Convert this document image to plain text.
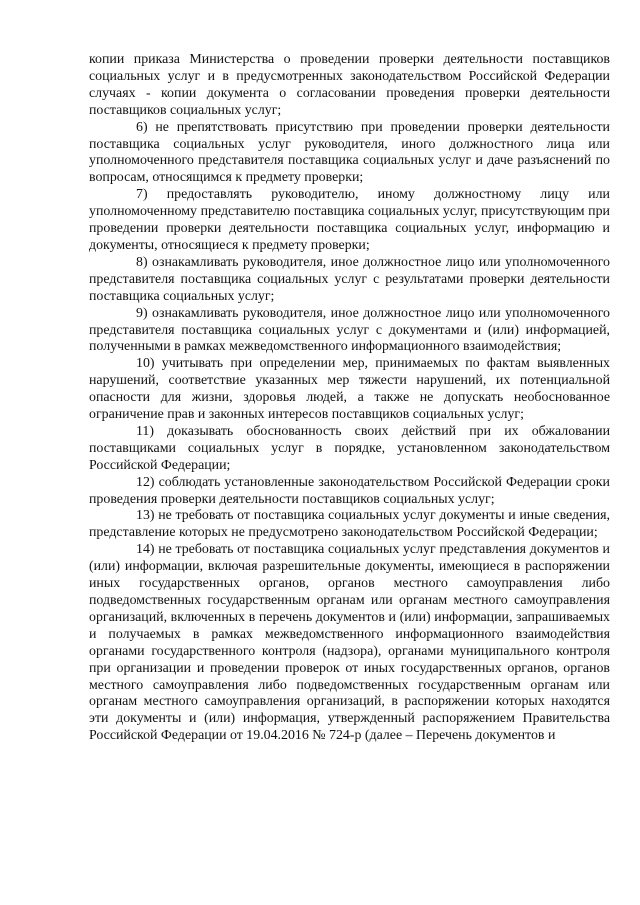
копии приказа Министерства о проведении проверки деятельности поставщиков социальных услуг и в предусмотренных законодательством Российской Федерации случаях - копии документа о согласовании проведения проверки деятельности поставщиков социальных услуг;

6) не препятствовать присутствию при проведении проверки деятельности поставщика социальных услуг руководителя, иного должностного лица или уполномоченного представителя поставщика социальных услуг и даче разъяснений по вопросам, относящимся к предмету проверки;

7) предоставлять руководителю, иному должностному лицу или уполномоченному представителю поставщика социальных услуг, присутствующим при проведении проверки деятельности поставщика социальных услуг, информацию и документы, относящиеся к предмету проверки;

8) ознакамливать руководителя, иное должностное лицо или уполномоченного представителя поставщика социальных услуг с результатами проверки деятельности поставщика социальных услуг;

9) ознакамливать руководителя, иное должностное лицо или уполномоченного представителя поставщика социальных услуг с документами и (или) информацией, полученными в рамках межведомственного информационного взаимодействия;

10) учитывать при определении мер, принимаемых по фактам выявленных нарушений, соответствие указанных мер тяжести нарушений, их потенциальной опасности для жизни, здоровья людей, а также не допускать необоснованное ограничение прав и законных интересов поставщиков социальных услуг;

11) доказывать обоснованность своих действий при их обжаловании поставщиками социальных услуг в порядке, установленном законодательством Российской Федерации;

12) соблюдать установленные законодательством Российской Федерации сроки проведения проверки деятельности поставщиков социальных услуг;

13) не требовать от поставщика социальных услуг документы и иные сведения, представление которых не предусмотрено законодательством Российской Федерации;

14) не требовать от поставщика социальных услуг представления документов и (или) информации, включая разрешительные документы, имеющиеся в распоряжении иных государственных органов, органов местного самоуправления либо подведомственных государственным органам или органам местного самоуправления организаций, включенных в перечень документов и (или) информации, запрашиваемых и получаемых в рамках межведомственного информационного взаимодействия органами государственного контроля (надзора), органами муниципального контроля при организации и проведении проверок от иных государственных органов, органов местного самоуправления либо подведомственных государственным органам или органам местного самоуправления организаций, в распоряжении которых находятся эти документы и (или) информация, утвержденный распоряжением Правительства Российской Федерации от 19.04.2016 № 724-р (далее – Перечень документов и
